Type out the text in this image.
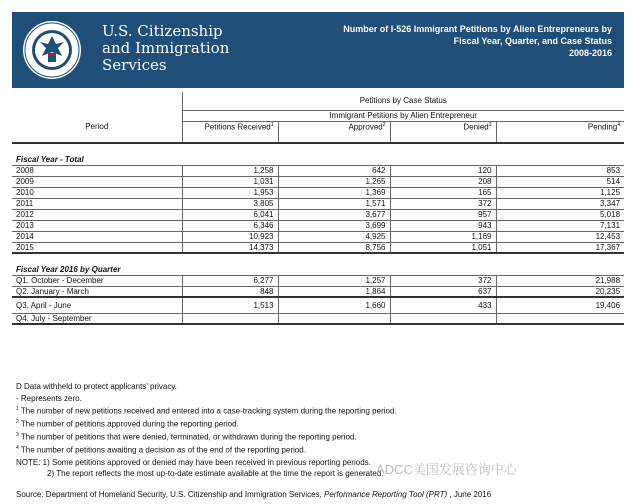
U.S. Citizenship
and Immigration
Services
Number of I-526 Immigrant Petitions by Alien Entrepreneurs by
Fiscal Year, Quarter, and Case Status
2008-2016
	Petitions by Case Status			
	Immigrant Petitions by Alien Entrepreneur			
Period	Petitions Received$^1$	Approved$^2$	Denied$^3$	Pending$^4$

Fiscal Year - Total				
2008	1,258	642	120	853
2009	1,031	1,265	208	514
2010	1,953	1,369	165	1,125
2011	3,805	1,571	372	3,347
2012	6,041	3,677	957	5,018
2013	6,346	3,699	943	7,131
2014	10,923	4,925	1,169	12,453
2015	14,373	8,756	1,051	17,367

Fiscal Year 2016 by Quarter				
Q1. October - December	6,277	1,257	372	21,988
Q2. January - March	848	1,864	637	20,235
Q3. April - June	1,513	1,660	433	19,406
Q4. July - September				
D Data withheld to protect applicants' privacy.
- Represents zero.
$^1$ The number of new petitions received and entered into a case-tracking system during the reporting period.
$^2$ The number of petitions approved during the reporting period.
$^3$ The number of petitions that were denied, terminated, or withdrawn during the reporting period.
$^4$ The number of petitions awaiting a decision as of the end of the reporting period.
NOTE: 1) Some petitions approved or denied may have been received in previous reporting periods.
2) The report reflects the most up-to-date estimate available at the time the report is generated.
ADCC美国发展咨询中心
Source: Department of Homeland Security, U.S. Citizenship and Immigration Services, Performance Reporting Tool (PRT) , June 2016
